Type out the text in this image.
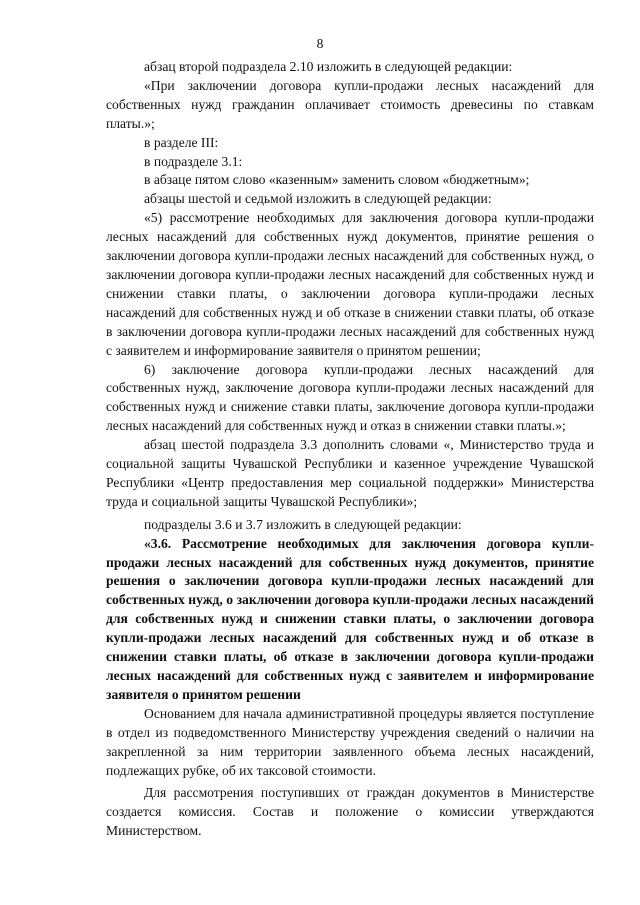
8

абзац второй подраздела 2.10 изложить в следующей редакции:

«При заключении договора купли-продажи лесных насаждений для собственных нужд гражданин оплачивает стоимость древесины по ставкам платы.»;

в разделе III:

в подразделе 3.1:

в абзаце пятом слово «казенным» заменить словом «бюджетным»;

абзацы шестой и седьмой изложить в следующей редакции:

«5) рассмотрение необходимых для заключения договора купли-продажи лесных насаждений для собственных нужд документов, принятие решения о заключении договора купли-продажи лесных насаждений для собственных нужд, о заключении договора купли-продажи лесных насаждений для собственных нужд и снижении ставки платы, о заключении договора купли-продажи лесных насаждений для собственных нужд и об отказе в снижении ставки платы, об отказе в заключении договора купли-продажи лесных насаждений для собственных нужд с заявителем и информирование заявителя о принятом решении;

6) заключение договора купли-продажи лесных насаждений для собственных нужд, заключение договора купли-продажи лесных насаждений для собственных нужд и снижение ставки платы, заключение договора купли-продажи лесных насаждений для собственных нужд и отказ в снижении ставки платы.»;

абзац шестой подраздела 3.3 дополнить словами «, Министерство труда и социальной защиты Чувашской Республики и казенное учреждение Чувашской Республики «Центр предоставления мер социальной поддержки» Министерства труда и социальной защиты Чувашской Республики»;

подразделы 3.6 и 3.7 изложить в следующей редакции:

«3.6. Рассмотрение необходимых для заключения договора купли-продажи лесных насаждений для собственных нужд документов, принятие решения о заключении договора купли-продажи лесных насаждений для собственных нужд, о заключении договора купли-продажи лесных насаждений для собственных нужд и снижении ставки платы, о заключении договора купли-продажи лесных насаждений для собственных нужд и об отказе в снижении ставки платы, об отказе в заключении договора купли-продажи лесных насаждений для собственных нужд с заявителем и информирование заявителя о принятом решении

Основанием для начала административной процедуры является поступление в отдел из подведомственного Министерству учреждения сведений о наличии на закрепленной за ним территории заявленного объема лесных насаждений, подлежащих рубке, об их таксовой стоимости.

Для рассмотрения поступивших от граждан документов в Министерстве создается комиссия. Состав и положение о комиссии утверждаются Министерством.
